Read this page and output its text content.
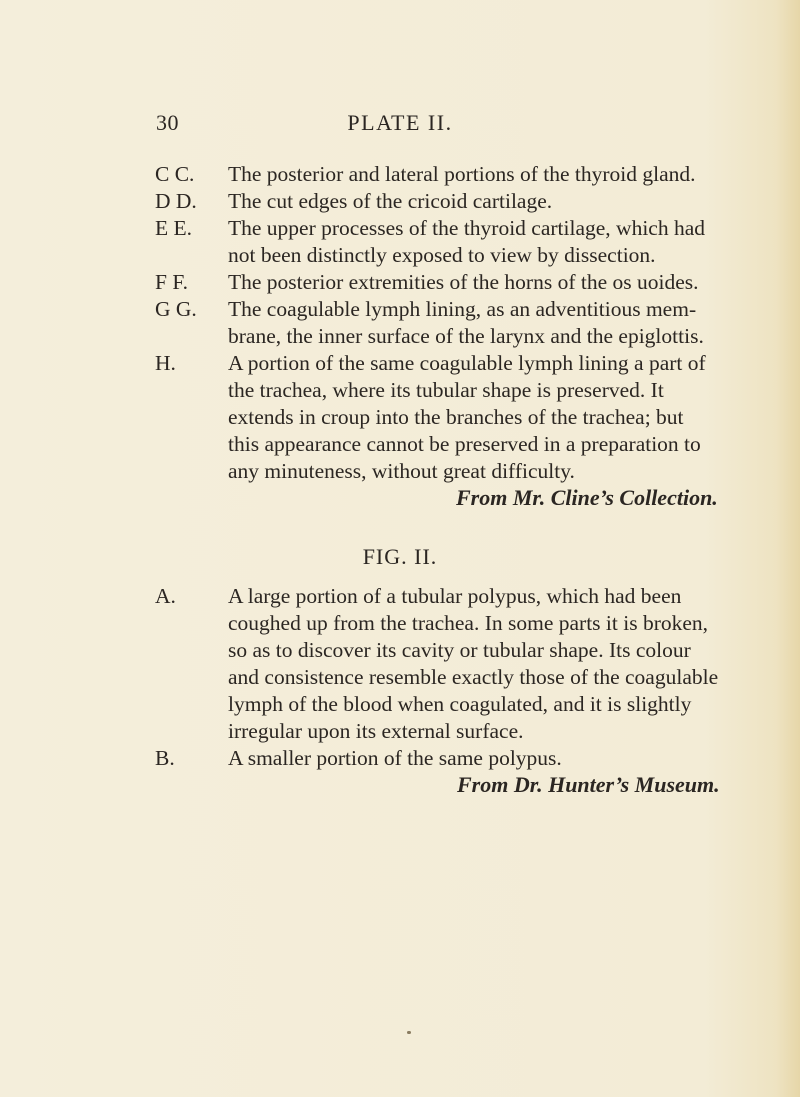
30	PLATE II.
C C. The posterior and lateral portions of the thyroid gland.
D D. The cut edges of the cricoid cartilage.
E E. The upper processes of the thyroid cartilage, which had
not been distinctly exposed to view by dissection.
F F. The posterior extremities of the horns of the os uoides.
G G. The coagulable lymph lining, as an adventitious mem-
brane, the inner surface of the larynx and the epiglottis.
H. A portion of the same coagulable lymph lining a part of
the trachea, where its tubular shape is preserved. It
extends in croup into the branches of the trachea; but
this appearance cannot be preserved in a preparation to
any minuteness, without great difficulty.
From Mr. Cline’s Collection.
FIG. II.
A. A large portion of a tubular polypus, which had been
coughed up from the trachea. In some parts it is broken,
so as to discover its cavity or tubular shape. Its colour
and consistence resemble exactly those of the coagulable
lymph of the blood when coagulated, and it is slightly
irregular upon its external surface.
B. A smaller portion of the same polypus.
From Dr. Hunter’s Museum.
